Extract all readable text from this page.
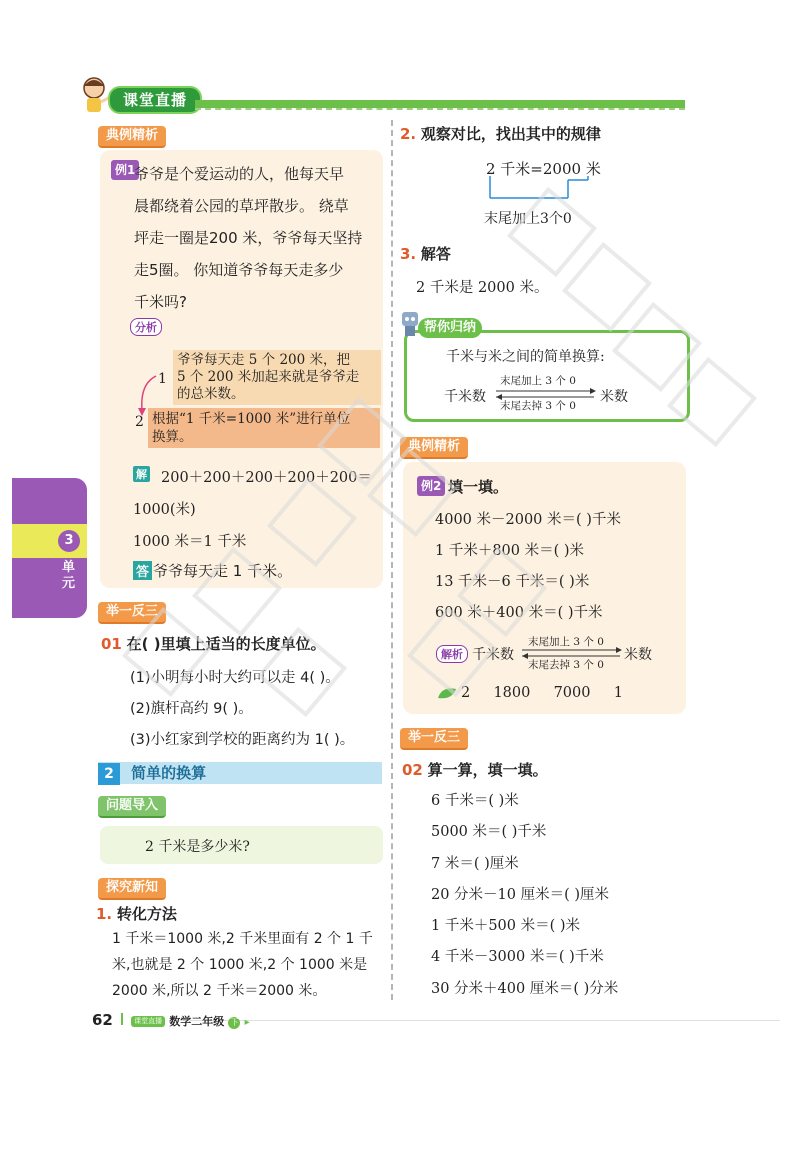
课堂直播
3
单元
典例精析
例1
爷爷是个爱运动的人，他每天早
晨都绕着公园的草坪散步。 绕草
坪走一圈是200 米，爷爷每天坚持
走5圈。 你知道爷爷每天走多少
千米吗?
分析
爷爷每天走 5 个 200 米，把
5 个 200 米加起来就是爷爷走
的总米数。
1
2 根据“1 千米=1000 米”进行单位
换算。
解 200＋200＋200＋200＋200＝
1000(米)
1000 米＝1 千米
答 爷爷每天走 1 千米。
举一反三
01 在( )里填上适当的长度单位。
(1)小明每小时大约可以走 4( )。
(2)旗杆高约 9( )。
(3)小红家到学校的距离约为 1( )。
2 简单的换算
问题导入
2 千米是多少米?
探究新知
1. 转化方法
1 千米＝1000 米,2 千米里面有 2 个 1 千
米,也就是 2 个 1000 米,2 个 1000 米是
2000 米,所以 2 千米＝2000 米。
2. 观察对比，找出其中的规律
2 千米=2000 米
末尾加上3个0
3. 解答
2 千米是 2000 米。
帮你归纳
千米与米之间的简单换算:
千米数
末尾加上 3 个 0
末尾去掉 3 个 0
米数
典例精析
例2 填一填。
4000 米－2000 米＝( )千米
1 千米＋800 米＝( )米
13 千米－6 千米＝( )米
600 米＋400 米＝( )千米
解析 千米数
末尾加上 3 个 0
末尾去掉 3 个 0
米数
2 1800 7000 1
举一反三
02 算一算，填一填。
6 千米＝( )米
5000 米＝( )千米
7 米＝( )厘米
20 分米－10 厘米＝( )厘米
1 千米＋500 米＝( )米
4 千米－3000 米＝( )千米
30 分米＋400 厘米＝( )分米
62	课堂直播 数学二年级 下 ▸
